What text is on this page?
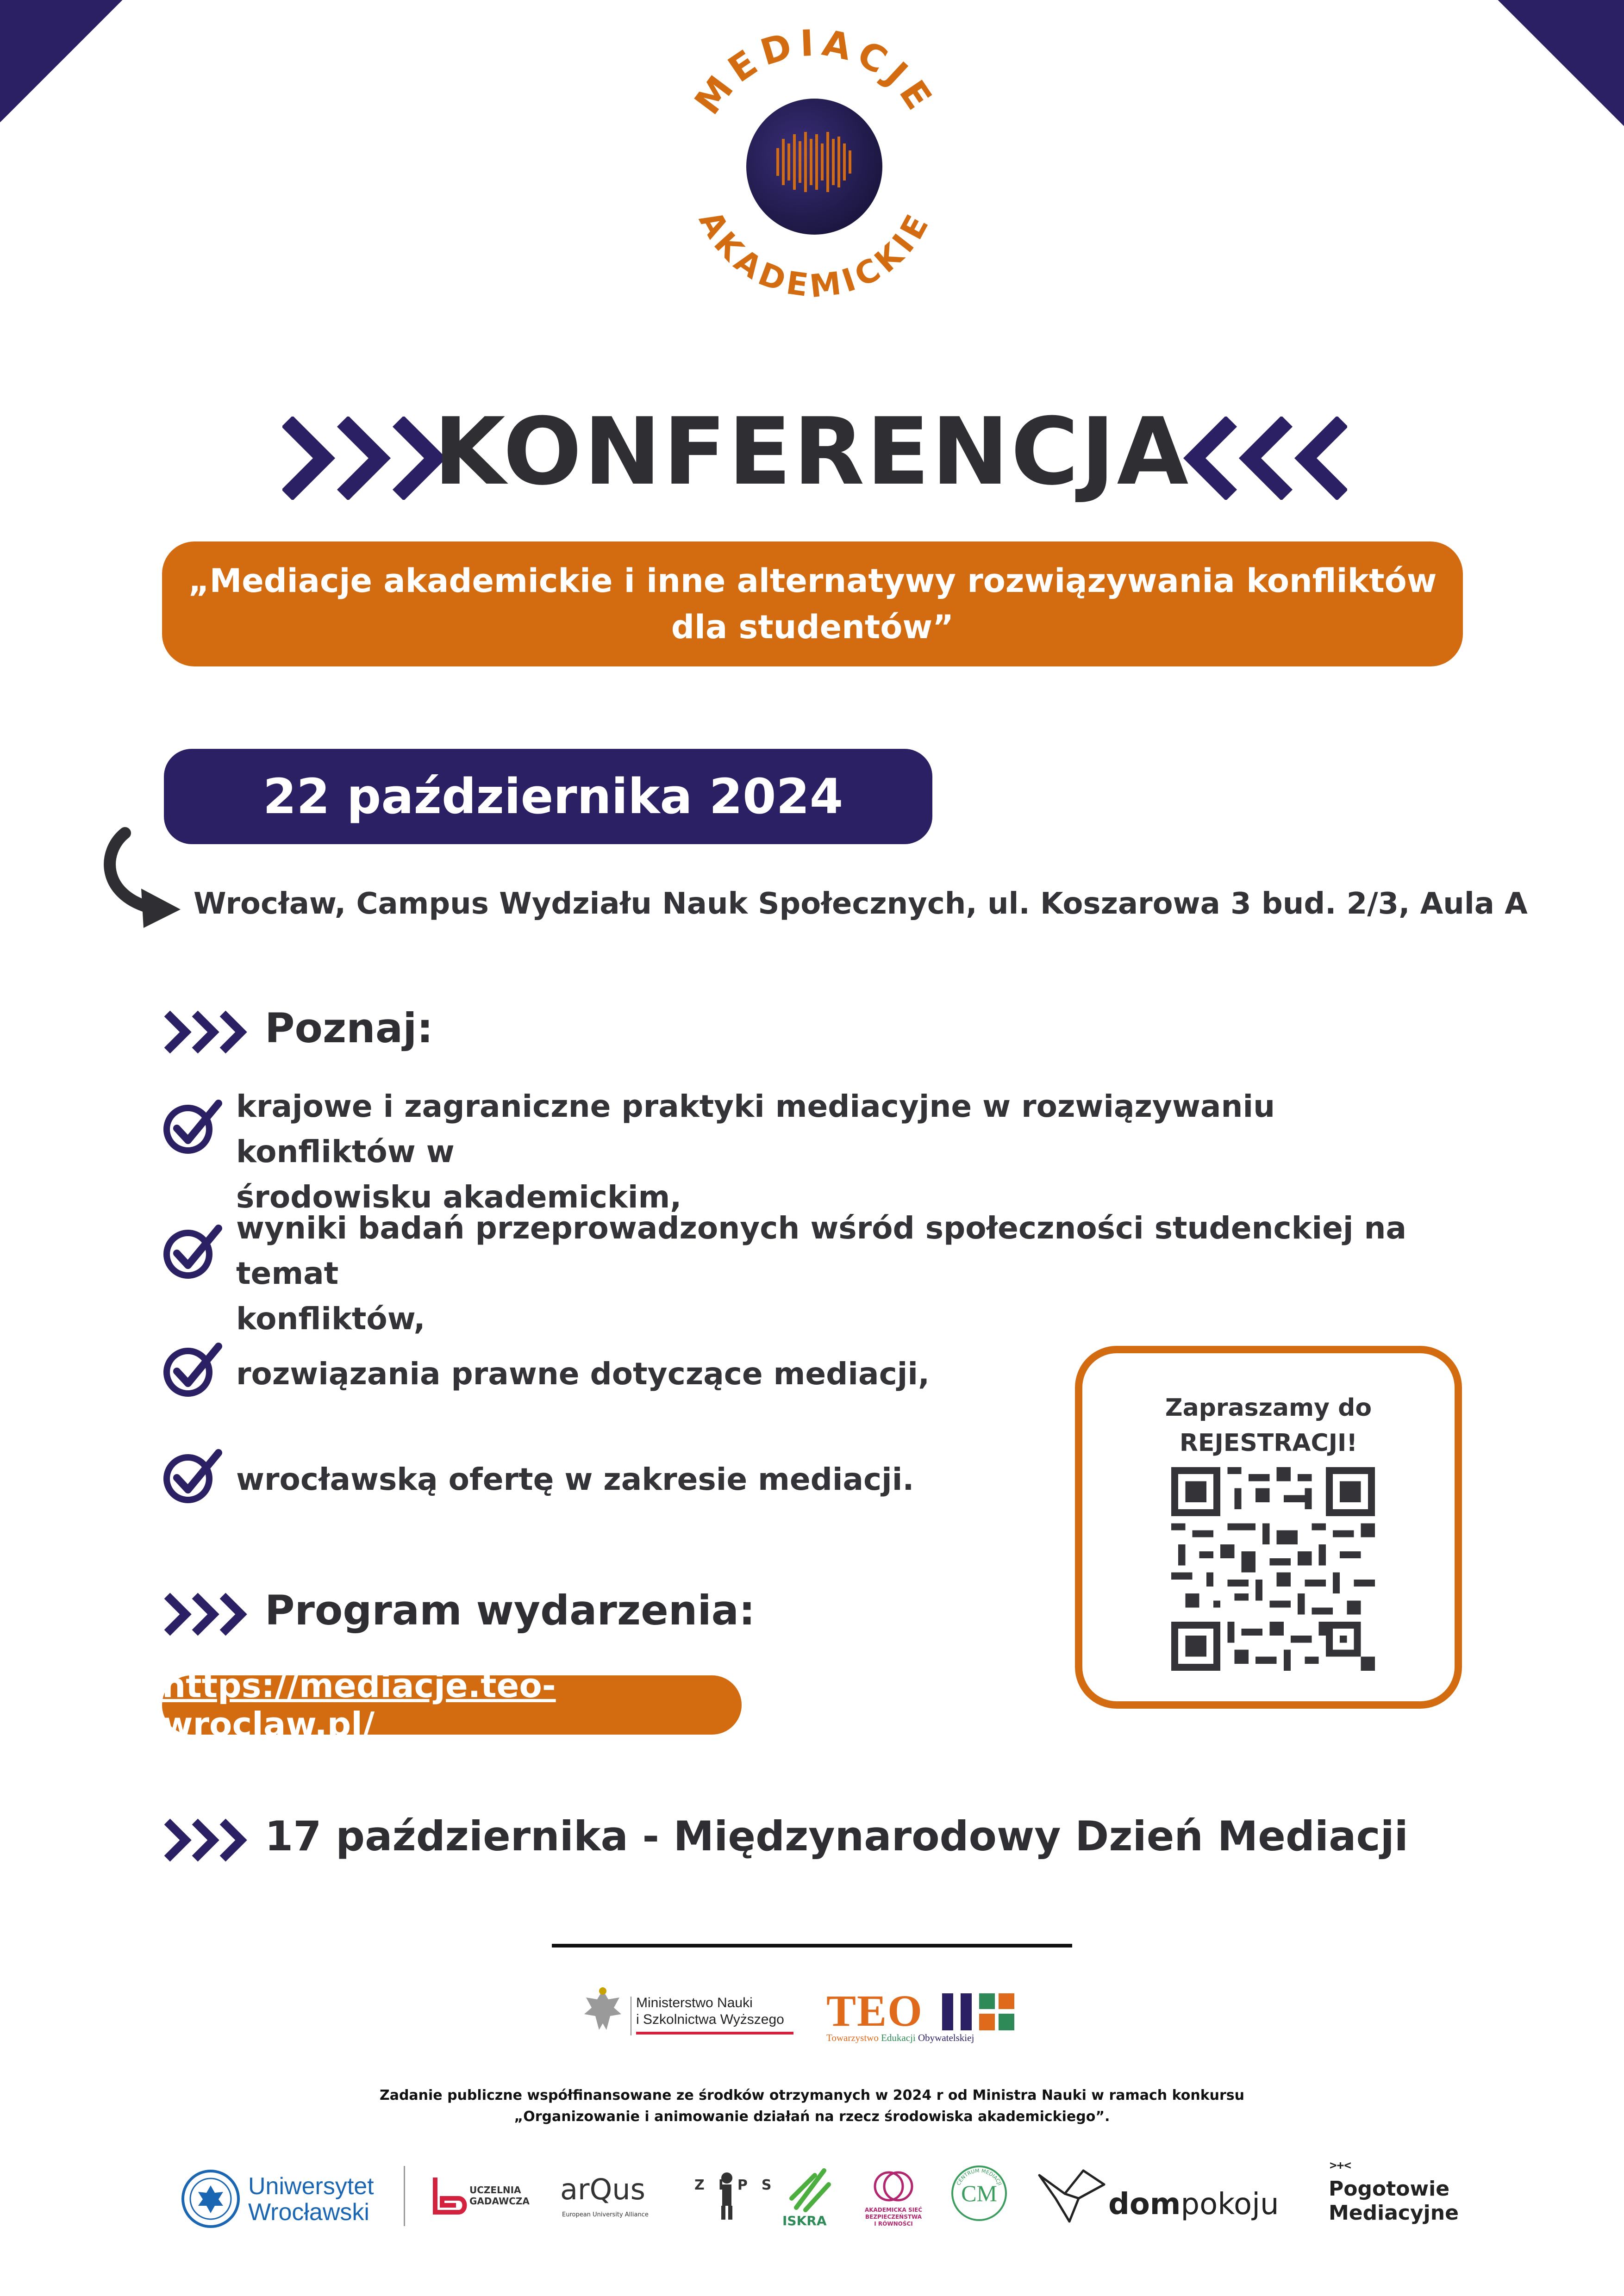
MEDIACJE
AKADEMICKIE
KONFERENCJA
„Mediacje akademickie i inne alternatywy rozwiązywania konfliktów
dla studentów”
22 października 2024
Wrocław, Campus Wydziału Nauk Społecznych, ul. Koszarowa 3 bud. 2/3, Aula A
Poznaj:
krajowe i zagraniczne praktyki mediacyjne w rozwiązywaniu konfliktów w
środowisku akademickim,
wyniki badań przeprowadzonych wśród społeczności studenckiej na temat
konfliktów,
rozwiązania prawne dotyczące mediacji,
wrocławską ofertę w zakresie mediacji.
Program wydarzenia:
https://mediacje.teo-wroclaw.pl/
Zapraszamy do
REJESTRACJI!
17 października - Międzynarodowy Dzień Mediacji
Ministerstwo Nauki
i Szkolnictwa Wyższego TEO
Towarzystwo Edukacji Obywatelskiej
Zadanie publiczne współfinansowane ze środków otrzymanych w 2024 r od Ministra Nauki w ramach konkursu
„Organizowanie i animowanie działań na rzecz środowiska akademickiego”.
Uniwersytet
Wrocławski
UCZELNIA
GADAWCZA arQus
European University Alliance
ZIPS
ISKRA
AKADEMICKA SIEĆ
BEZPIECZEŃSTWA
I RÓWNOŚCI
CENTRUM MEDIACJI
CM	dompokoju
>+<
Pogotowie
Mediacyjne
